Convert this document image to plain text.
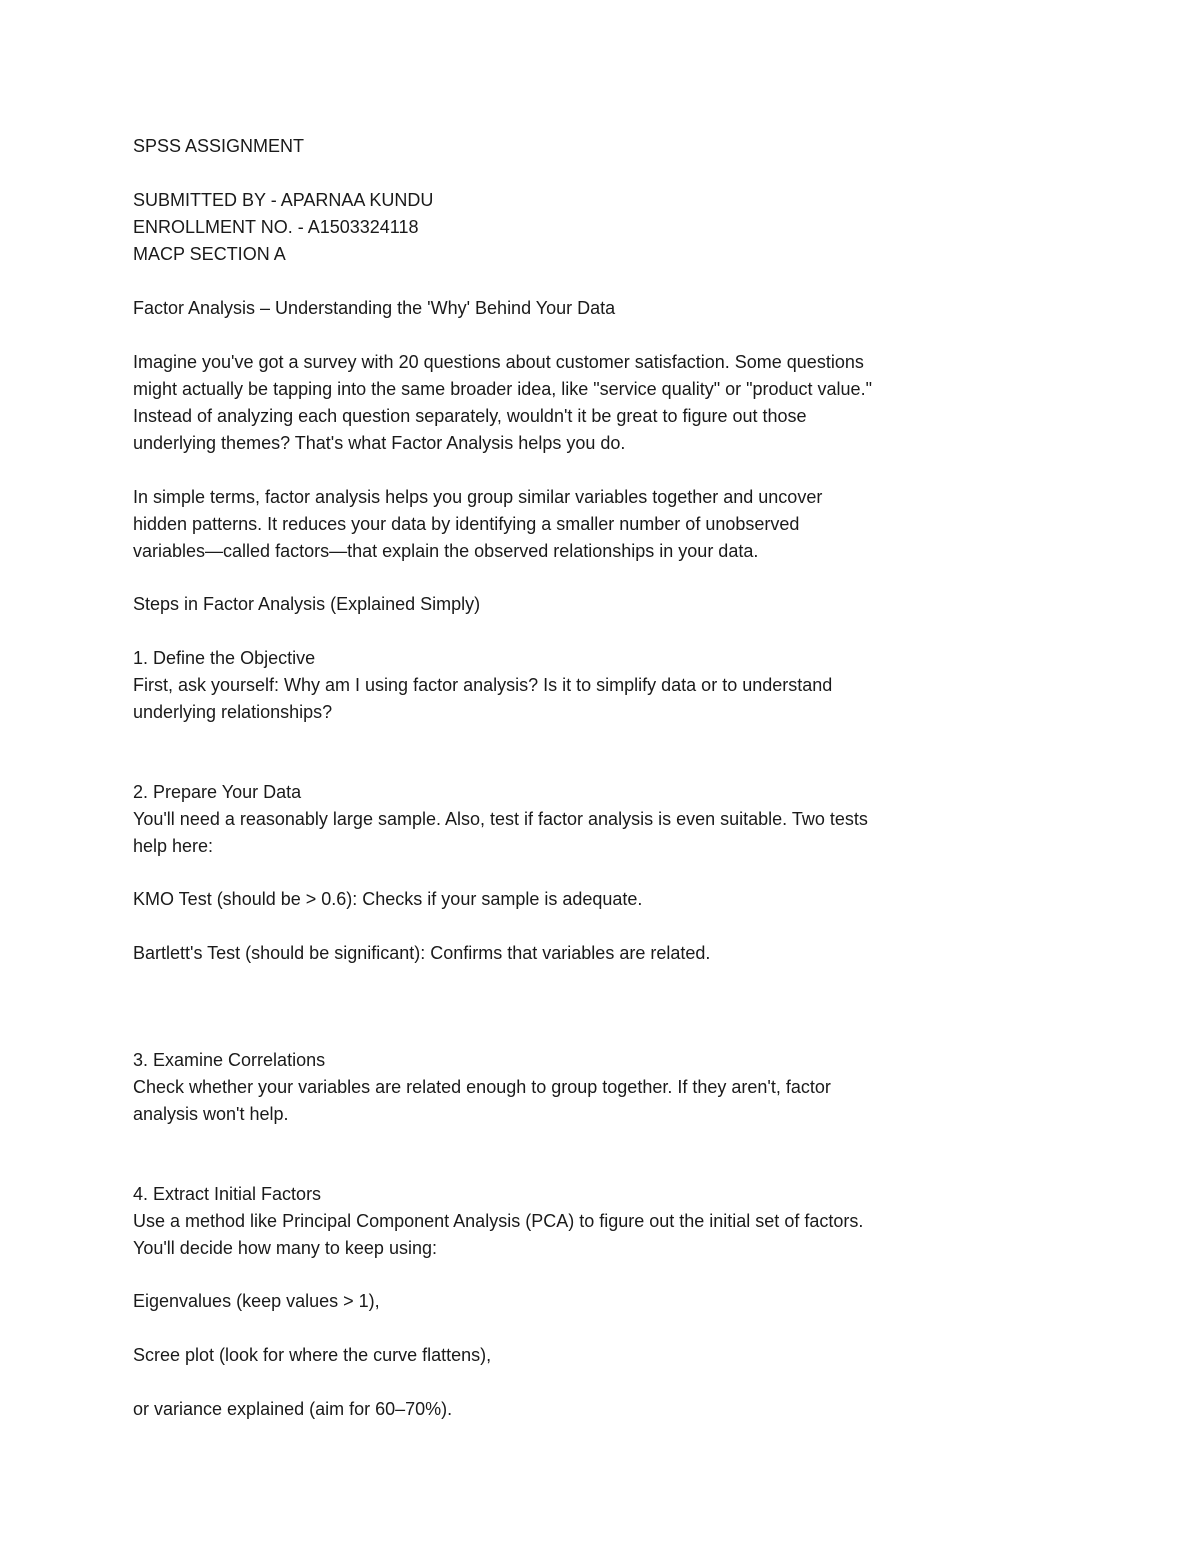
SPSS ASSIGNMENT

SUBMITTED BY - APARNAA KUNDU

ENROLLMENT NO. - A1503324118

MACP SECTION A

Factor Analysis – Understanding the 'Why' Behind Your Data

Imagine you've got a survey with 20 questions about customer satisfaction. Some questions

might actually be tapping into the same broader idea, like "service quality" or "product value."

Instead of analyzing each question separately, wouldn't it be great to figure out those

underlying themes? That's what Factor Analysis helps you do.

In simple terms, factor analysis helps you group similar variables together and uncover

hidden patterns. It reduces your data by identifying a smaller number of unobserved

variables—called factors—that explain the observed relationships in your data.

Steps in Factor Analysis (Explained Simply)

1. Define the Objective

First, ask yourself: Why am I using factor analysis? Is it to simplify data or to understand

underlying relationships?

2. Prepare Your Data

You'll need a reasonably large sample. Also, test if factor analysis is even suitable. Two tests

help here:

KMO Test (should be > 0.6): Checks if your sample is adequate.

Bartlett's Test (should be significant): Confirms that variables are related.

3. Examine Correlations

Check whether your variables are related enough to group together. If they aren't, factor

analysis won't help.

4. Extract Initial Factors

Use a method like Principal Component Analysis (PCA) to figure out the initial set of factors.

You'll decide how many to keep using:

Eigenvalues (keep values > 1),

Scree plot (look for where the curve flattens),

or variance explained (aim for 60–70%).
